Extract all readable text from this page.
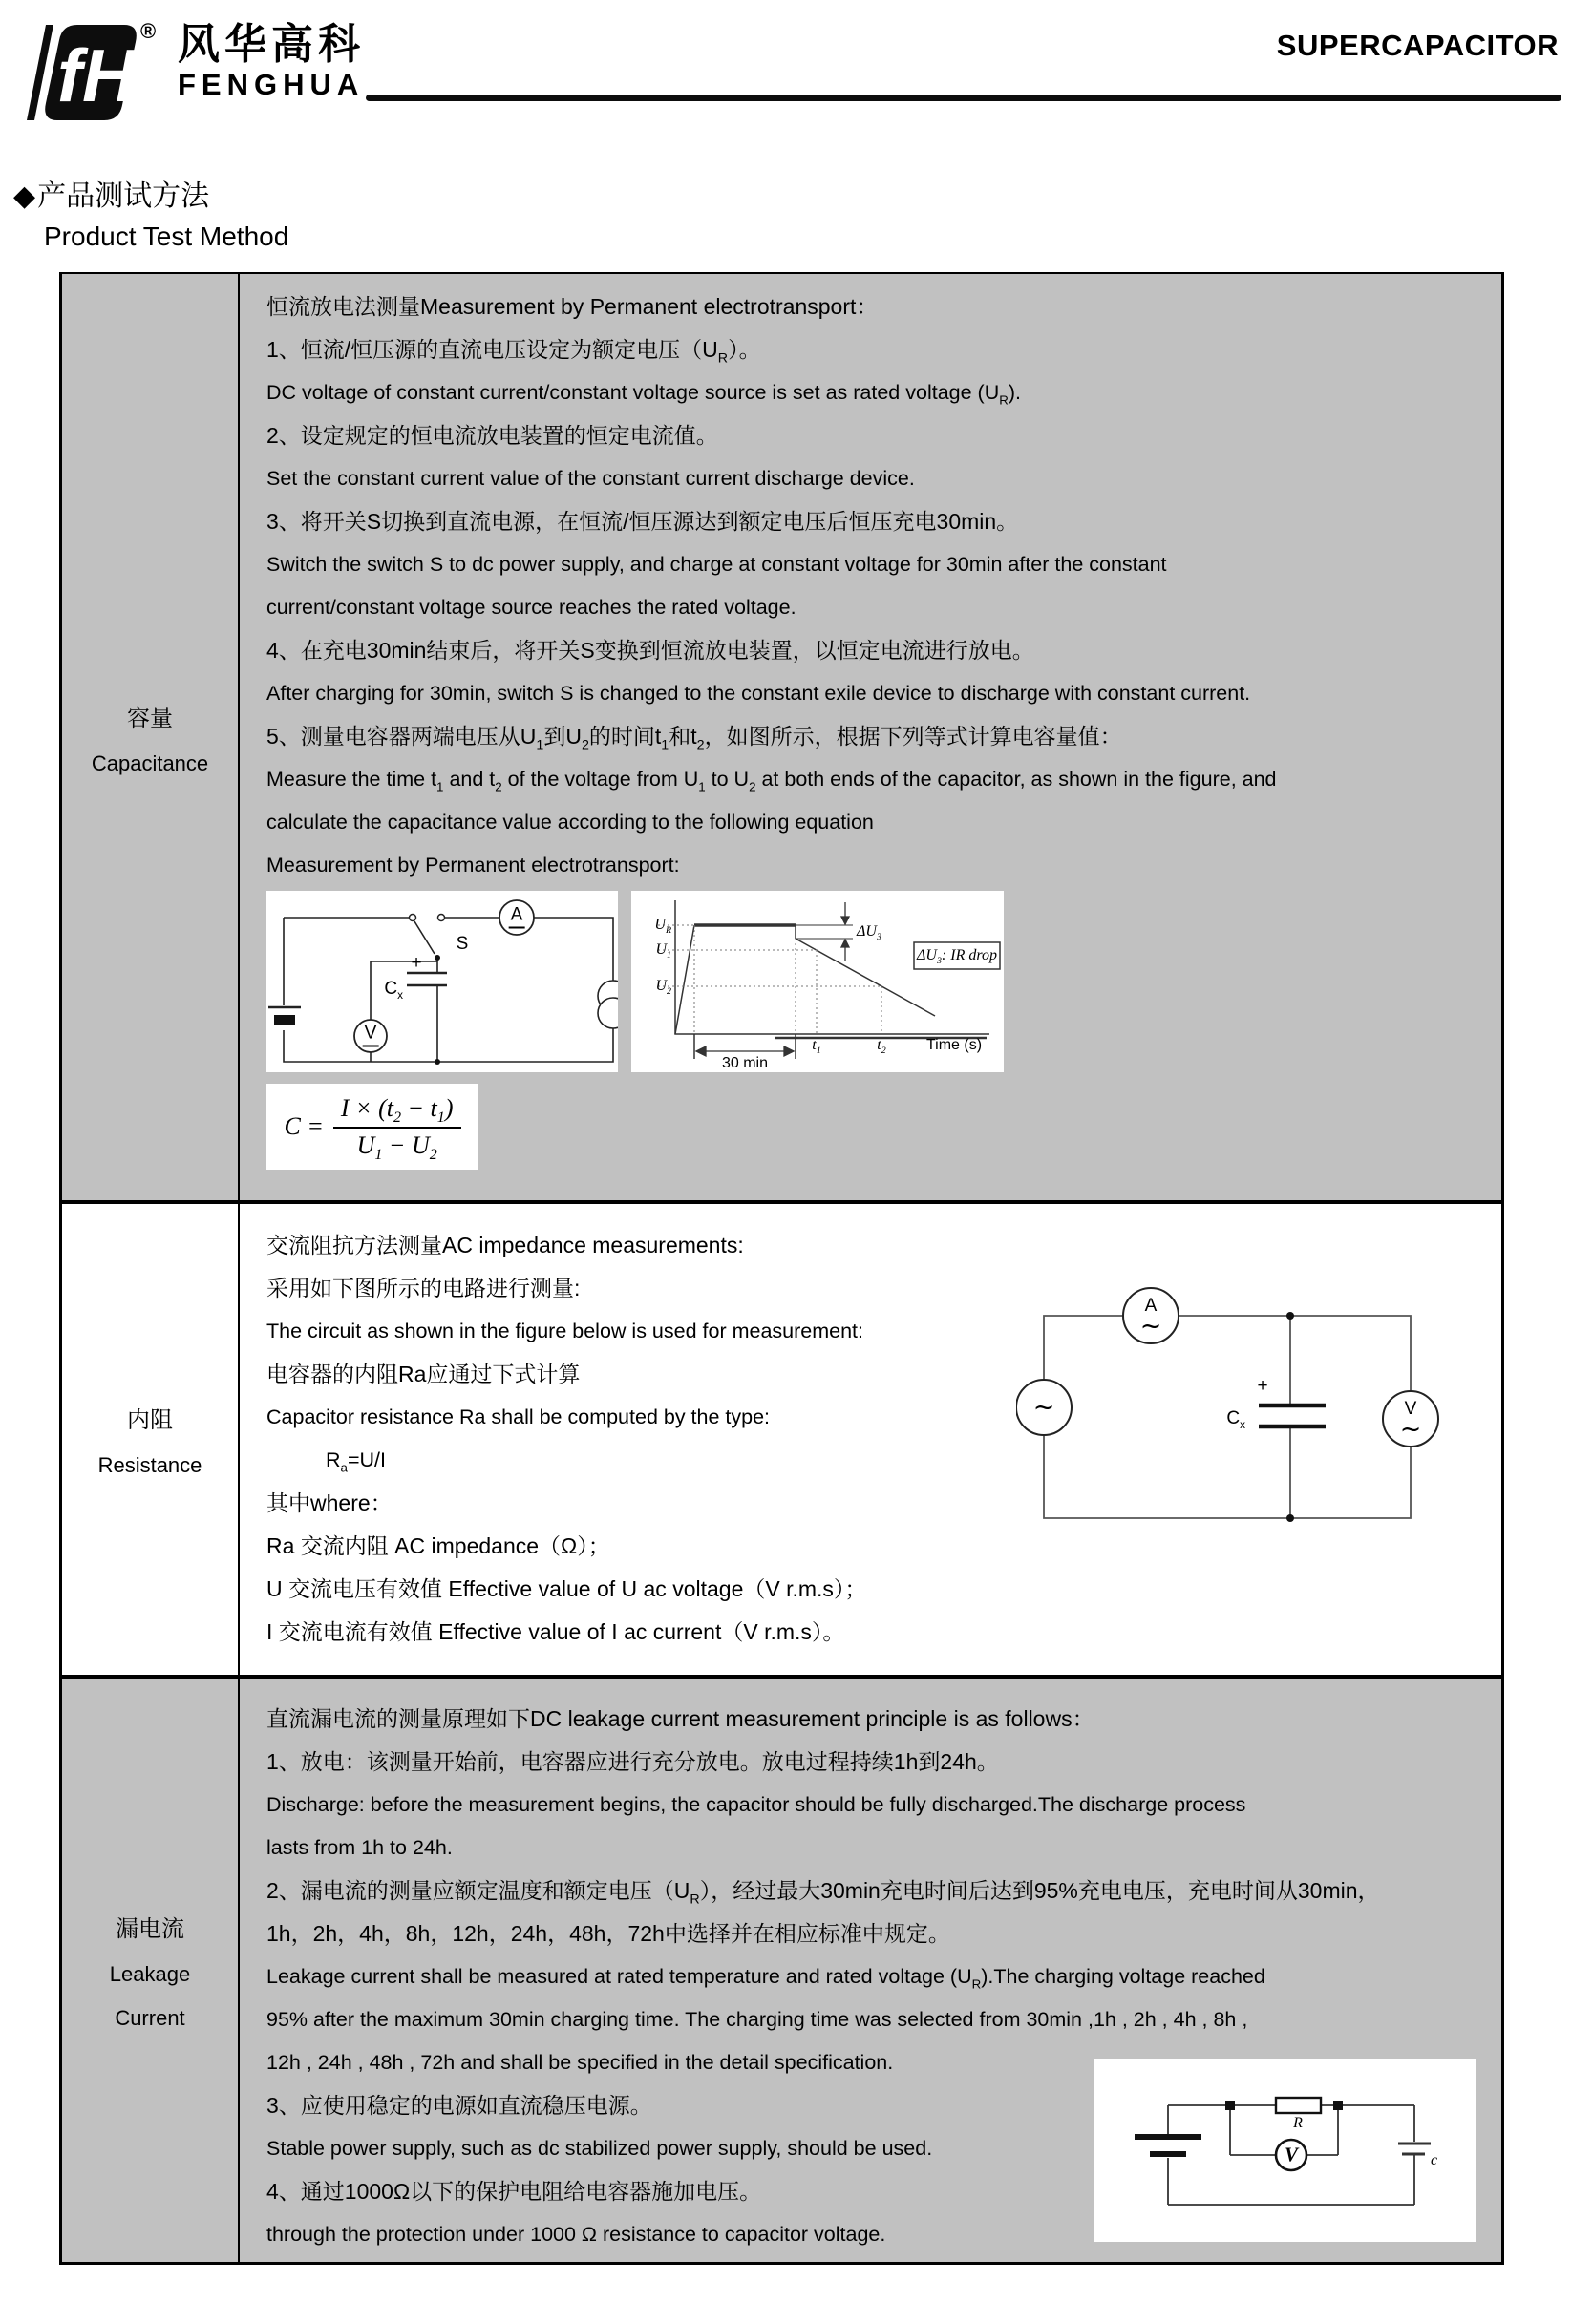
fH
® 风华高科
FENGHUA
SUPERCAPACITOR
◆产品测试方法
Product Test Method
容量
Capacitance
恒流放电法测量Measurement by Permanent electrotransport：
1、恒流/恒压源的直流电压设定为额定电压$(U_R)$。
DC voltage of constant current/constant voltage source is set as rated voltage $(U_R)$.
2、设定规定的恒电流放电装置的恒定电流值。
Set the constant current value of the constant current discharge device.
3、将开关S切换到直流电源，在恒流/恒压源达到额定电压后恒压充电30min。
Switch the switch S to dc power supply, and charge at constant voltage for 30min after the constant
current/constant voltage source reaches the rated voltage.
4、在充电30min结束后，将开关S变换到恒流放电装置，以恒定电流进行放电。
After charging for 30min, switch S is changed to the constant exile device to discharge with constant current.
5、测量电容器两端电压从$U_1$到$U_2$的时间$t_1$和$t_2$，如图所示，根据下列等式计算电容量值：
Measure the time $t_1$ and $t_2$ of the voltage from $U_1$ to $U_2$ at both ends of the capacitor, as shown in the figure, and
calculate the capacitance value according to the following equation
Measurement by Permanent electrotransport:
S
A
V
$C_x$
+
$U_R$
$U_1$
$U_2$
$t_1$	$t_2$	Time (s)
30 min
$\Delta U_3$
$\Delta U_3$: IR drop
$C = \frac{I \times (t_2 - t_1)}{U_1 - U_2}$
内阻
Resistance
交流阻抗方法测量AC impedance measurements:
采用如下图所示的电路进行测量:
The circuit as shown in the figure below is used for measurement:
电容器的内阻Ra应通过下式计算
Capacitor resistance Ra shall be computed by the type:
$R_a=U/I$
其中where：
Ra 交流内阻 AC impedance（Ω）；
U 交流电压有效值 Effective value of U ac voltage（V r.m.s）；
I 交流电流有效值 Effective value of I ac current（V r.m.s）。
A
∼
∼	V
∼
+
$C_x$
漏电流
Leakage
Current
直流漏电流的测量原理如下DC leakage current measurement principle is as follows：
1、放电：该测量开始前，电容器应进行充分放电。放电过程持续1h到24h。
Discharge: before the measurement begins, the capacitor should be fully discharged.The discharge process
lasts from 1h to 24h.
2、漏电流的测量应额定温度和额定电压$(U_R)$，经过最大30min充电时间后达到95%充电电压，充电时间从30min，
1h，2h，4h，8h，12h，24h，48h，72h中选择并在相应标准中规定。
Leakage current shall be measured at rated temperature and rated voltage $(U_R).The$ charging voltage reached
95% after the maximum 30min charging time. The charging time was selected from 30min ,1h , 2h , 4h , 8h ,
12h , 24h , 48h , 72h and shall be specified in the detail specification.
3、应使用稳定的电源如直流稳压电源。
Stable power supply, such as dc stabilized power supply, should be used.
4、通过1000Ω以下的保护电阻给电容器施加电压。
through the protection under 1000 Ω resistance to capacitor voltage.
R
V	c
